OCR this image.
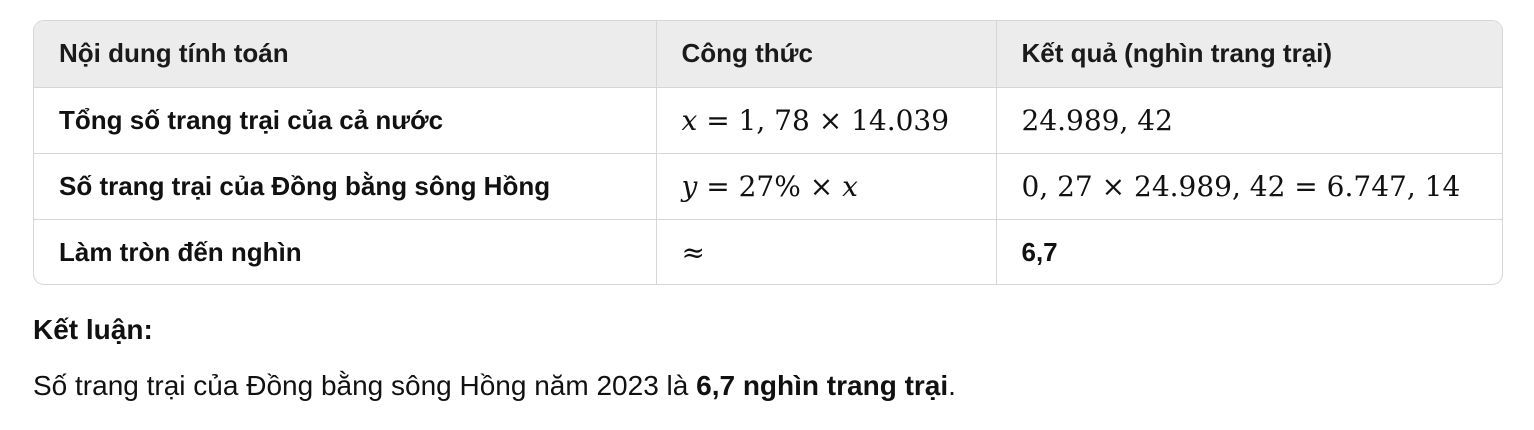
Nội dung tính toán	Công thức	Kết quả (nghìn trang trại)
Tổng số trang trại của cả nước	x = 1, 78 × 14.039	24.989, 42
Số trang trại của Đồng bằng sông Hồng	y = 27% × x	0, 27 × 24.989, 42 = 6.747, 14
Làm tròn đến nghìn	≈	6,7
Kết luận:
Số trang trại của Đồng bằng sông Hồng năm 2023 là 6,7 nghìn trang trại.
